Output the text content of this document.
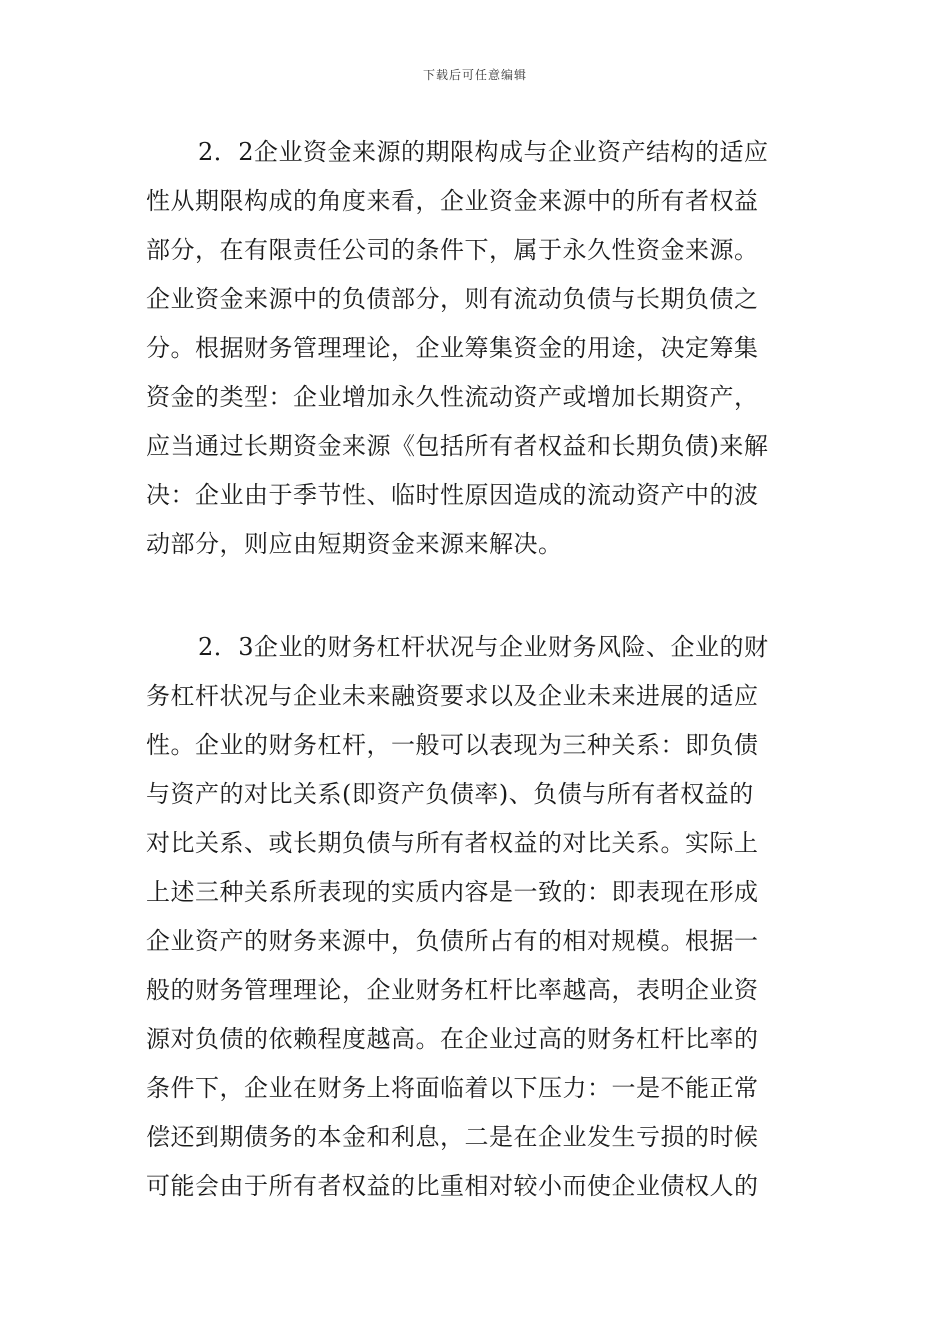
下载后可任意编辑
2．2企业资金来源的期限构成与企业资产结构的适应
性从期限构成的角度来看，企业资金来源中的所有者权益
部分，在有限责任公司的条件下，属于永久性资金来源。
企业资金来源中的负债部分，则有流动负债与长期负债之
分。根据财务管理理论，企业筹集资金的用途，决定筹集
资金的类型：企业增加永久性流动资产或增加长期资产，
应当通过长期资金来源《包括所有者权益和长期负债)来解
决：企业由于季节性、临时性原因造成的流动资产中的波
动部分，则应由短期资金来源来解决。
2．3企业的财务杠杆状况与企业财务风险、企业的财
务杠杆状况与企业未来融资要求以及企业未来进展的适应
性。企业的财务杠杆，一般可以表现为三种关系：即负债
与资产的对比关系(即资产负债率)、负债与所有者权益的
对比关系、或长期负债与所有者权益的对比关系。实际上
上述三种关系所表现的实质内容是一致的：即表现在形成
企业资产的财务来源中，负债所占有的相对规模。根据一
般的财务管理理论，企业财务杠杆比率越高，表明企业资
源对负债的依赖程度越高。在企业过高的财务杠杆比率的
条件下，企业在财务上将面临着以下压力：一是不能正常
偿还到期债务的本金和利息，二是在企业发生亏损的时候
可能会由于所有者权益的比重相对较小而使企业债权人的
